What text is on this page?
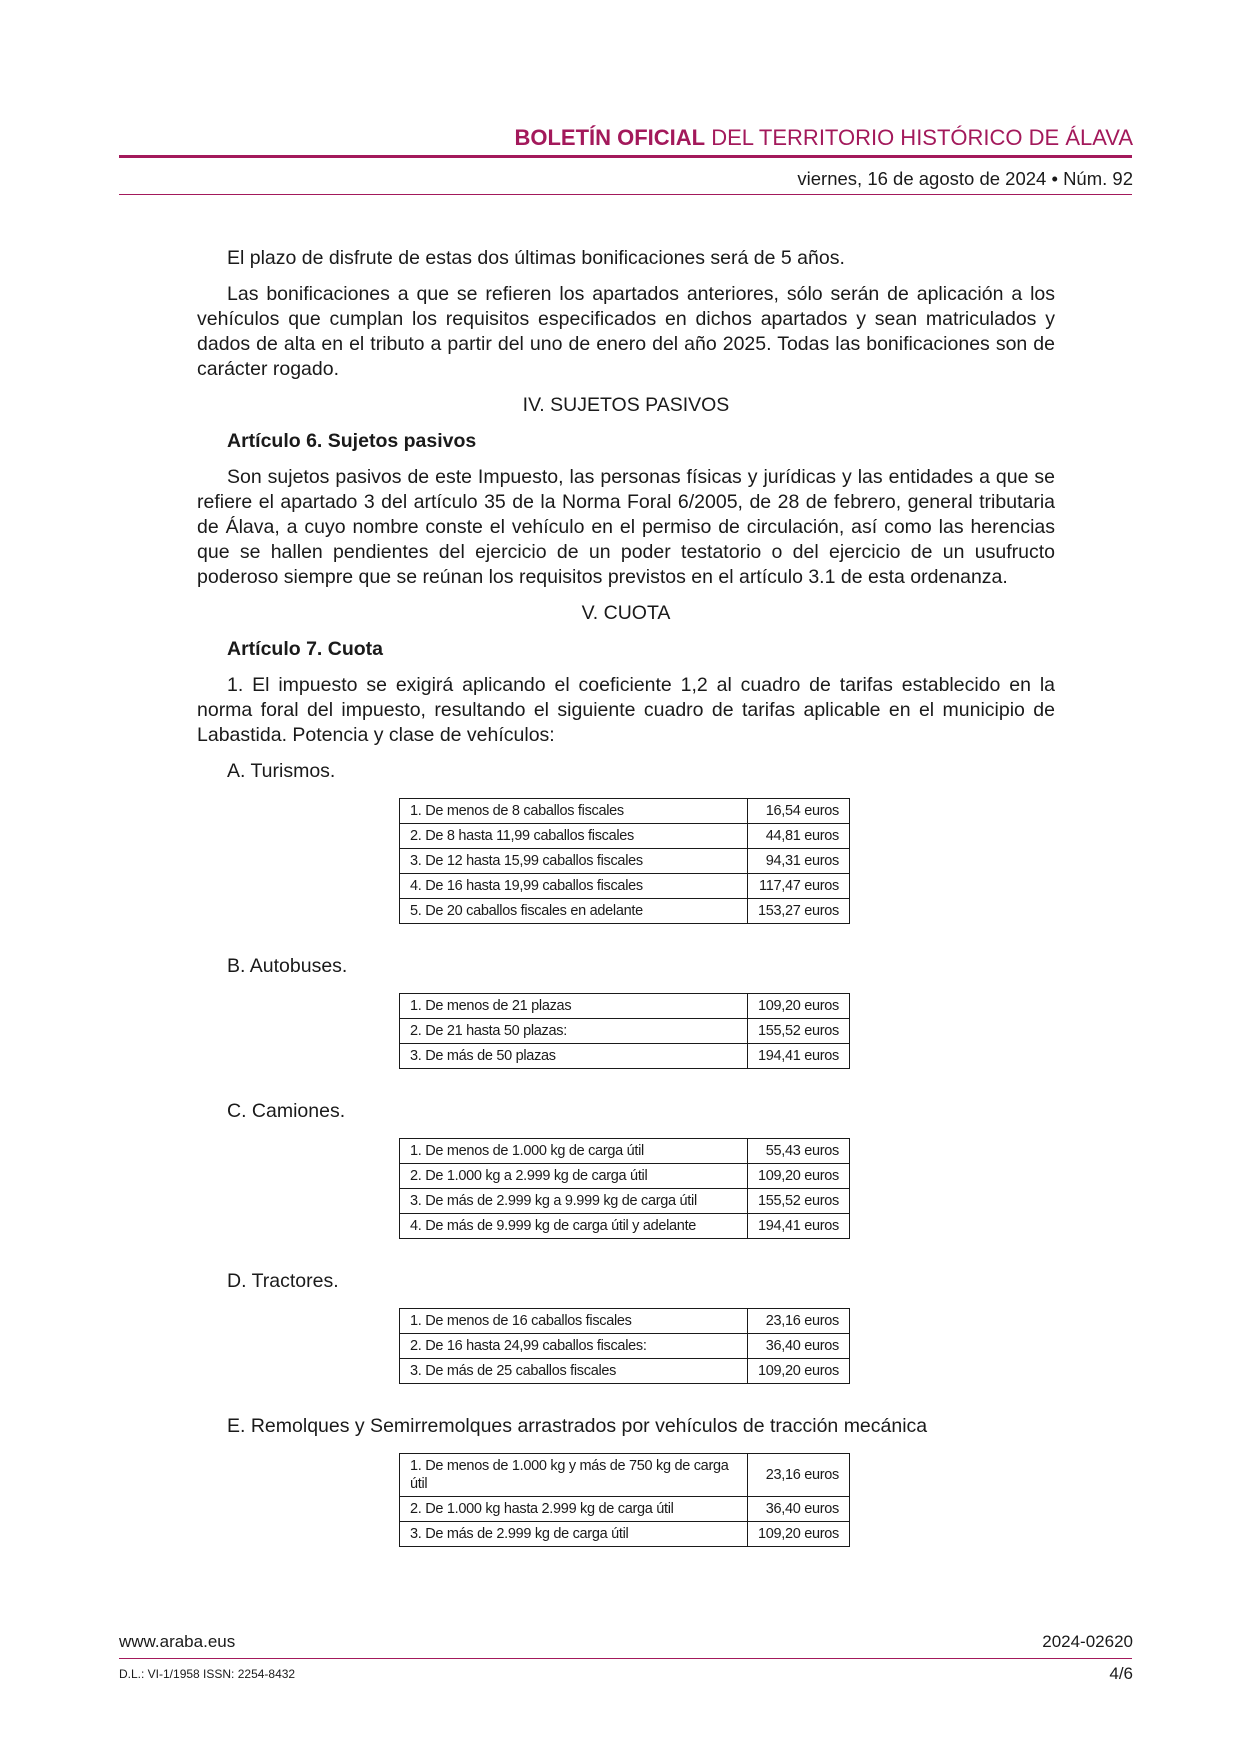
BOLETÍN OFICIAL DEL TERRITORIO HISTÓRICO DE ÁLAVA
viernes, 16 de agosto de 2024 • Núm. 92

El plazo de disfrute de estas dos últimas bonificaciones será de 5 años.

Las bonificaciones a que se refieren los apartados anteriores, sólo serán de aplicación a los vehículos que cumplan los requisitos especificados en dichos apartados y sean matriculados y dados de alta en el tributo a partir del uno de enero del año 2025. Todas las bonificaciones son de carácter rogado.

IV. SUJETOS PASIVOS
Artículo 6. Sujetos pasivos

Son sujetos pasivos de este Impuesto, las personas físicas y jurídicas y las entidades a que se refiere el apartado 3 del artículo 35 de la Norma Foral 6/2005, de 28 de febrero, general tributaria de Álava, a cuyo nombre conste el vehículo en el permiso de circulación, así como las herencias que se hallen pendientes del ejercicio de un poder testatorio o del ejercicio de un usufructo poderoso siempre que se reúnan los requisitos previstos en el artículo 3.1 de esta ordenanza.

V. CUOTA
Artículo 7. Cuota

1. El impuesto se exigirá aplicando el coeficiente 1,2 al cuadro de tarifas establecido en la norma foral del impuesto, resultando el siguiente cuadro de tarifas aplicable en el municipio de Labastida. Potencia y clase de vehículos:

A. Turismos.
1. De menos de 8 caballos fiscales	16,54 euros
2. De 8 hasta 11,99 caballos fiscales	44,81 euros
3. De 12 hasta 15,99 caballos fiscales	94,31 euros
4. De 16 hasta 19,99 caballos fiscales	117,47 euros
5. De 20 caballos fiscales en adelante	153,27 euros
B. Autobuses.
1. De menos de 21 plazas	109,20 euros
2. De 21 hasta 50 plazas:	155,52 euros
3. De más de 50 plazas	194,41 euros
C. Camiones.
1. De menos de 1.000 kg de carga útil	55,43 euros
2. De 1.000 kg a 2.999 kg de carga útil	109,20 euros
3. De más de 2.999 kg a 9.999 kg de carga útil	155,52 euros
4. De más de 9.999 kg de carga útil y adelante	194,41 euros
D. Tractores.
1. De menos de 16 caballos fiscales	23,16 euros
2. De 16 hasta 24,99 caballos fiscales:	36,40 euros
3. De más de 25 caballos fiscales	109,20 euros
E. Remolques y Semirremolques arrastrados por vehículos de tracción mecánica
1. De menos de 1.000 kg y más de 750 kg de carga útil	23,16 euros
2. De 1.000 kg hasta 2.999 kg de carga útil	36,40 euros
3. De más de 2.999 kg de carga útil	109,20 euros
www.araba.eus	2024-02620
D.L.: VI-1/1958 ISSN: 2254-8432	4/6
